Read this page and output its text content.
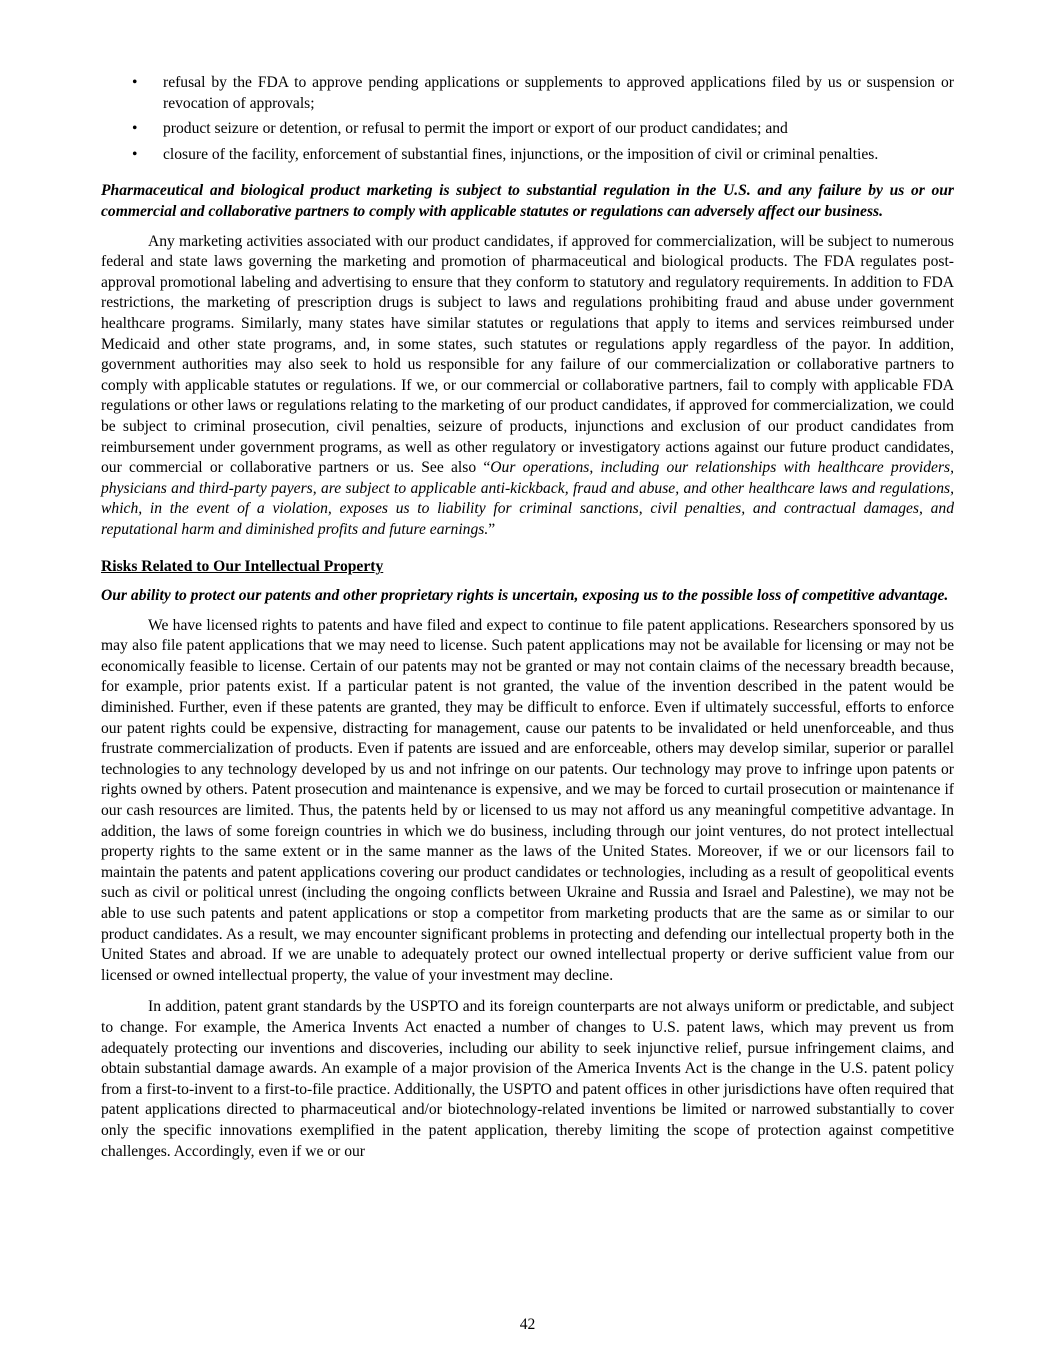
• refusal by the FDA to approve pending applications or supplements to approved applications filed by us or suspension or revocation of approvals;
• product seizure or detention, or refusal to permit the import or export of our product candidates; and
• closure of the facility, enforcement of substantial fines, injunctions, or the imposition of civil or criminal penalties.
Pharmaceutical and biological product marketing is subject to substantial regulation in the U.S. and any failure by us or our commercial and collaborative partners to comply with applicable statutes or regulations can adversely affect our business.

Any marketing activities associated with our product candidates, if approved for commercialization, will be subject to numerous federal and state laws governing the marketing and promotion of pharmaceutical and biological products. The FDA regulates post-approval promotional labeling and advertising to ensure that they conform to statutory and regulatory requirements. In addition to FDA restrictions, the marketing of prescription drugs is subject to laws and regulations prohibiting fraud and abuse under government healthcare programs. Similarly, many states have similar statutes or regulations that apply to items and services reimbursed under Medicaid and other state programs, and, in some states, such statutes or regulations apply regardless of the payor. In addition, government authorities may also seek to hold us responsible for any failure of our commercialization or collaborative partners to comply with applicable statutes or regulations. If we, or our commercial or collaborative partners, fail to comply with applicable FDA regulations or other laws or regulations relating to the marketing of our product candidates, if approved for commercialization, we could be subject to criminal prosecution, civil penalties, seizure of products, injunctions and exclusion of our product candidates from reimbursement under government programs, as well as other regulatory or investigatory actions against our future product candidates, our commercial or collaborative partners or us. See also “Our operations, including our relationships with healthcare providers, physicians and third-party payers, are subject to applicable anti-kickback, fraud and abuse, and other healthcare laws and regulations, which, in the event of a violation, exposes us to liability for criminal sanctions, civil penalties, and contractual damages, and reputational harm and diminished profits and future earnings.”

Risks Related to Our Intellectual Property
Our ability to protect our patents and other proprietary rights is uncertain, exposing us to the possible loss of competitive advantage.

We have licensed rights to patents and have filed and expect to continue to file patent applications. Researchers sponsored by us may also file patent applications that we may need to license. Such patent applications may not be available for licensing or may not be economically feasible to license. Certain of our patents may not be granted or may not contain claims of the necessary breadth because, for example, prior patents exist. If a particular patent is not granted, the value of the invention described in the patent would be diminished. Further, even if these patents are granted, they may be difficult to enforce. Even if ultimately successful, efforts to enforce our patent rights could be expensive, distracting for management, cause our patents to be invalidated or held unenforceable, and thus frustrate commercialization of products. Even if patents are issued and are enforceable, others may develop similar, superior or parallel technologies to any technology developed by us and not infringe on our patents. Our technology may prove to infringe upon patents or rights owned by others. Patent prosecution and maintenance is expensive, and we may be forced to curtail prosecution or maintenance if our cash resources are limited. Thus, the patents held by or licensed to us may not afford us any meaningful competitive advantage. In addition, the laws of some foreign countries in which we do business, including through our joint ventures, do not protect intellectual property rights to the same extent or in the same manner as the laws of the United States. Moreover, if we or our licensors fail to maintain the patents and patent applications covering our product candidates or technologies, including as a result of geopolitical events such as civil or political unrest (including the ongoing conflicts between Ukraine and Russia and Israel and Palestine), we may not be able to use such patents and patent applications or stop a competitor from marketing products that are the same as or similar to our product candidates. As a result, we may encounter significant problems in protecting and defending our intellectual property both in the United States and abroad. If we are unable to adequately protect our owned intellectual property or derive sufficient value from our licensed or owned intellectual property, the value of your investment may decline.

In addition, patent grant standards by the USPTO and its foreign counterparts are not always uniform or predictable, and subject to change. For example, the America Invents Act enacted a number of changes to U.S. patent laws, which may prevent us from adequately protecting our inventions and discoveries, including our ability to seek injunctive relief, pursue infringement claims, and obtain substantial damage awards. An example of a major provision of the America Invents Act is the change in the U.S. patent policy from a first-to-invent to a first-to-file practice. Additionally, the USPTO and patent offices in other jurisdictions have often required that patent applications directed to pharmaceutical and/or biotechnology-related inventions be limited or narrowed substantially to cover only the specific innovations exemplified in the patent application, thereby limiting the scope of protection against competitive challenges. Accordingly, even if we or our

42
